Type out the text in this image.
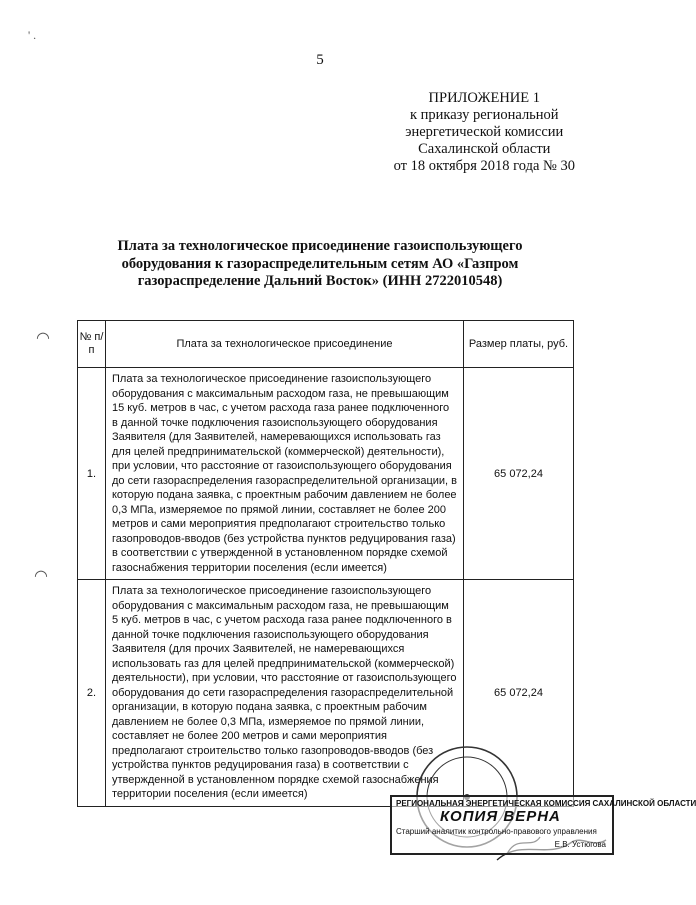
' .
◠
◠
5
ПРИЛОЖЕНИЕ 1
к приказу региональной
энергетической комиссии
Сахалинской области
от 18 октября 2018 года № 30
Плата за технологическое присоединение газоиспользующего
оборудования к газораспределительным сетям АО «Газпром
газораспределение Дальний Восток» (ИНН 2722010548)
№ п/п	Плата за технологическое присоединение	Размер платы, руб.
1.	Плата за технологическое присоединение газоиспользующего оборудования с максимальным расходом газа, не превышающим 15 куб. метров в час, с учетом расхода газа ранее подключенного в данной точке подключения газоиспользующего оборудования Заявителя (для Заявителей, намеревающихся использовать газ для целей предпринимательской (коммерческой) деятельности), при условии, что расстояние от газоиспользующего оборудования до сети газораспределения газораспределительной организации, в которую подана заявка, с проектным рабочим давлением не более 0,3 МПа, измеряемое по прямой линии, составляет не более 200 метров и сами мероприятия предполагают строительство только газопроводов-вводов (без устройства пунктов редуцирования газа) в соответствии с утвержденной в установленном порядке схемой газоснабжения территории поселения (если имеется)	65 072,24
2.	Плата за технологическое присоединение газоиспользующего оборудования с максимальным расходом газа, не превышающим 5 куб. метров в час, с учетом расхода газа ранее подключенного в данной точке подключения газоиспользующего оборудования Заявителя (для прочих Заявителей, не намеревающихся использовать газ для целей предпринимательской (коммерческой) деятельности), при условии, что расстояние от газоиспользующего оборудования до сети газораспределения газораспределительной организации, в которую подана заявка, с проектным рабочим давлением не более 0,3 МПа, измеряемое по прямой линии, составляет не более 200 метров и сами мероприятия предполагают строительство только газопроводов-вводов (без устройства пунктов редуцирования газа) в соответствии с утвержденной в установленном порядке схемой газоснабжения территории поселения (если имеется)	65 072,24
РЕГИОНАЛЬНАЯ ЭНЕРГЕТИЧЕСКАЯ КОМИССИЯ САХАЛИНСКОЙ ОБЛАСТИ
КОПИЯ ВЕРНА
Старший аналитик контрольно-правового управления
Е.В. Устюгова
